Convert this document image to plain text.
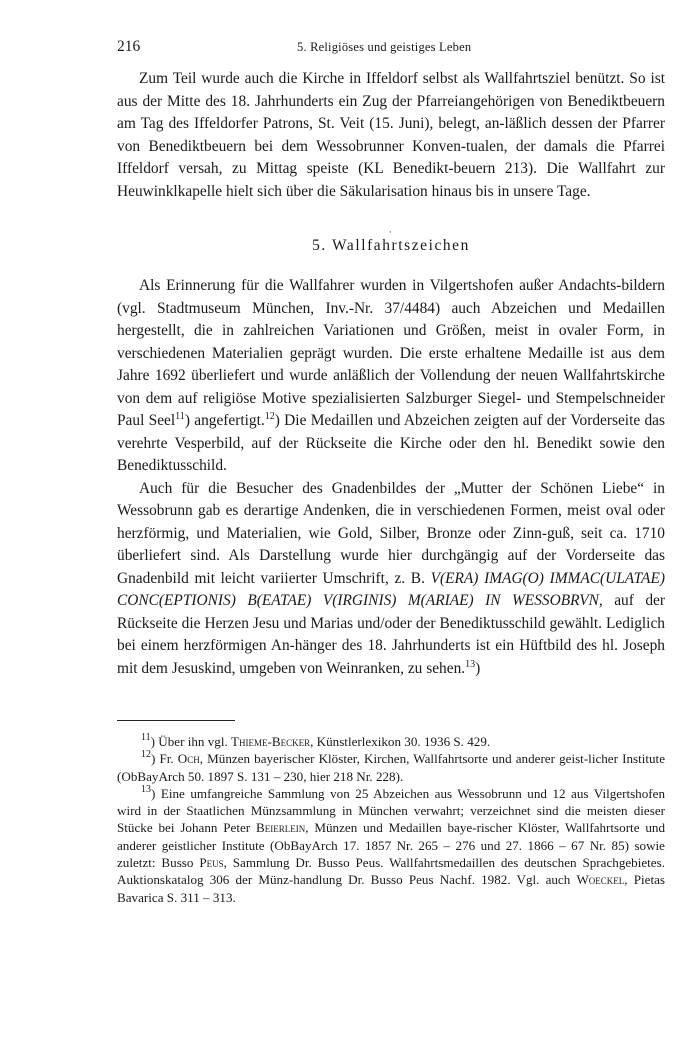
216	5. Religiöses und geistiges Leben

Zum Teil wurde auch die Kirche in Iffeldorf selbst als Wallfahrtsziel benützt. So ist aus der Mitte des 18. Jahrhunderts ein Zug der Pfarreiangehörigen von Benediktbeuern am Tag des Iffeldorfer Patrons, St. Veit (15. Juni), belegt, an-läßlich dessen der Pfarrer von Benediktbeuern bei dem Wessobrunner Konven-tualen, der damals die Pfarrei Iffeldorf versah, zu Mittag speiste (KL Benedikt-beuern 213). Die Wallfahrt zur Heuwinklkapelle hielt sich über die Säkularisation hinaus bis in unsere Tage.

·
5. Wallfahrtszeichen

Als Erinnerung für die Wallfahrer wurden in Vilgertshofen außer Andachts-bildern (vgl. Stadtmuseum München, Inv.-Nr. 37/4484) auch Abzeichen und Medaillen hergestellt, die in zahlreichen Variationen und Größen, meist in ovaler Form, in verschiedenen Materialien geprägt wurden. Die erste erhaltene Medaille ist aus dem Jahre 1692 überliefert und wurde anläßlich der Vollendung der neuen Wallfahrtskirche von dem auf religiöse Motive spezialisierten Salzburger Siegel- und Stempelschneider Paul Seel$^{11}$) angefertigt.$^{12}$) Die Medaillen und Abzeichen zeigten auf der Vorderseite das verehrte Vesperbild, auf der Rückseite die Kirche oder den hl. Benedikt sowie den Benediktusschild.

Auch für die Besucher des Gnadenbildes der „Mutter der Schönen Liebe“ in Wessobrunn gab es derartige Andenken, die in verschiedenen Formen, meist oval oder herzförmig, und Materialien, wie Gold, Silber, Bronze oder Zinn-guß, seit ca. 1710 überliefert sind. Als Darstellung wurde hier durchgängig auf der Vorderseite das Gnadenbild mit leicht variierter Umschrift, z. B. V(ERA) IMAG(O) IMMAC(ULATAE) CONC(EPTIONIS) B(EATAE) V(IRGINIS) M(ARIAE) IN WESSOBRVN, auf der Rückseite die Herzen Jesu und Marias und/oder der Benediktusschild gewählt. Lediglich bei einem herzförmigen An-hänger des 18. Jahrhunderts ist ein Hüftbild des hl. Joseph mit dem Jesuskind, umgeben von Weinranken, zu sehen.$^{13}$)

$^{11}$) Über ihn vgl. Thieme-Becker, Künstlerlexikon 30. 1936 S. 429.

$^{12}$) Fr. Och, Münzen bayerischer Klöster, Kirchen, Wallfahrtsorte und anderer geist-licher Institute (ObBayArch 50. 1897 S. 131 – 230, hier 218 Nr. 228).

$^{13}$) Eine umfangreiche Sammlung von 25 Abzeichen aus Wessobrunn und 12 aus Vilgertshofen wird in der Staatlichen Münzsammlung in München verwahrt; verzeichnet sind die meisten dieser Stücke bei Johann Peter Beierlein, Münzen und Medaillen baye-rischer Klöster, Wallfahrtsorte und anderer geistlicher Institute (ObBayArch 17. 1857 Nr. 265 – 276 und 27. 1866 – 67 Nr. 85) sowie zuletzt: Busso Peus, Sammlung Dr. Busso Peus. Wallfahrtsmedaillen des deutschen Sprachgebietes. Auktionskatalog 306 der Münz-handlung Dr. Busso Peus Nachf. 1982. Vgl. auch Woeckel, Pietas Bavarica S. 311 – 313.
